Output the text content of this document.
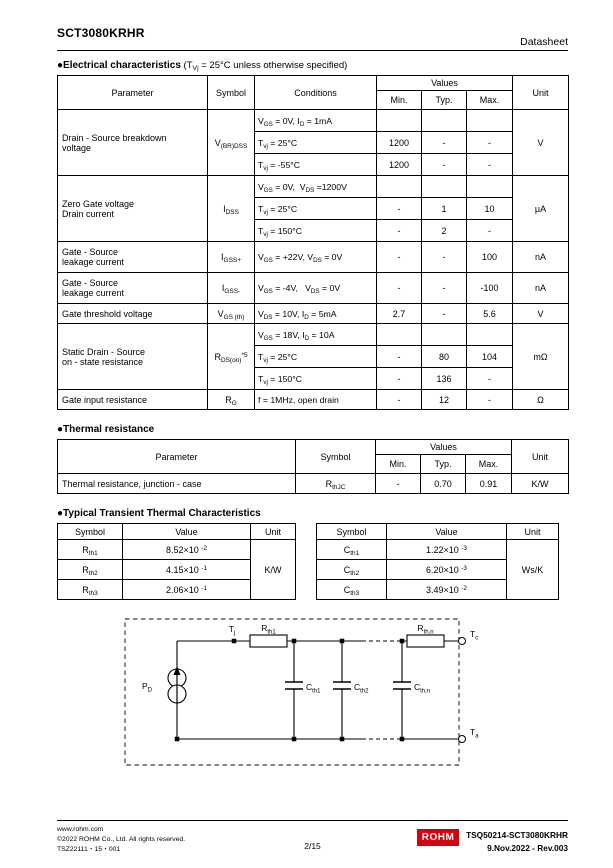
SCT3080KRHR
Datasheet
●Electrical characteristics ($T_{Vj} = 25^\circ C$ unless otherwise specified)
Parameter	Symbol	Conditions	Values			Unit
			Min.	Typ.	Max.	
Drain - Source breakdown
voltage	$V_{(BR)DSS}$	$V_{GS} = 0V$, $I_D = 1mA$				V
		$T_{vj} = 25^\circ C$	1200	-	-	
		$T_{vj} = -55^\circ C$	1200	-	-	
Zero Gate voltage
Drain current	$I_{DSS}$	$V_{GS} = 0V$,  $V_{DS} =1200V$				μA
		$T_{vj} = 25^\circ C$	-	1	10	
		$T_{vj} = 150^\circ C$	-	2	-	
Gate - Source
leakage current	$I_{GSS+}$	$V_{GS} = +22V$, $V_{DS} = 0V$	-	-	100	nA
Gate - Source
leakage current	$I_{GSS-}$	$V_{GS} = -4V$,   $V_{DS} = 0V$	-	-	-100	nA
Gate threshold voltage	$V_{GS (th)}$	$V_{DS} = 10V$, $I_D = 5mA$	2.7	-	5.6	V
Static Drain - Source
on - state resistance	$R_{DS(on)}^{*5}$	$V_{GS} = 18V$, $I_D = 10A$				mΩ
		$T_{vj} = 25^\circ C$	-	80	104	
		$T_{vj} = 150^\circ C$	-	136	-	
Gate input resistance	$R_G$	f = 1MHz, open drain	-	12	-	Ω
●Thermal resistance
Parameter	Symbol	Values			Unit
		Min.	Typ.	Max.	
Thermal resistance, junction - case	$R_{thJC}$	-	0.70	0.91	K/W
●Typical Transient Thermal Characteristics
Symbol	Value	Unit
$R_{th1}$	8.52×10 $^{-2}$	K/W
$R_{th2}$	4.15×10 $^{-1}$
$R_{th3}$	2.06×10 $^{-1}$
Symbol	Value	Unit
$C_{th1}$	1.22×10 $^{-3}$	Ws/K
$C_{th2}$	6.20×10 $^{-3}$
$C_{th3}$	3.49×10 $^{-2}$
$P_D$
$T_j$
$R_{th1}$
$C_{th1}$	$C_{th2}$
$R_{th,n}$
$C_{th,n}$
$T_c$
$T_a$
www.rohm.com
©2022 ROHM Co., Ltd. All rights reserved.
TSZ22111・15・001	2/15
ROHM	TSQ50214-SCT3080KRHR
9.Nov.2022 - Rev.003
